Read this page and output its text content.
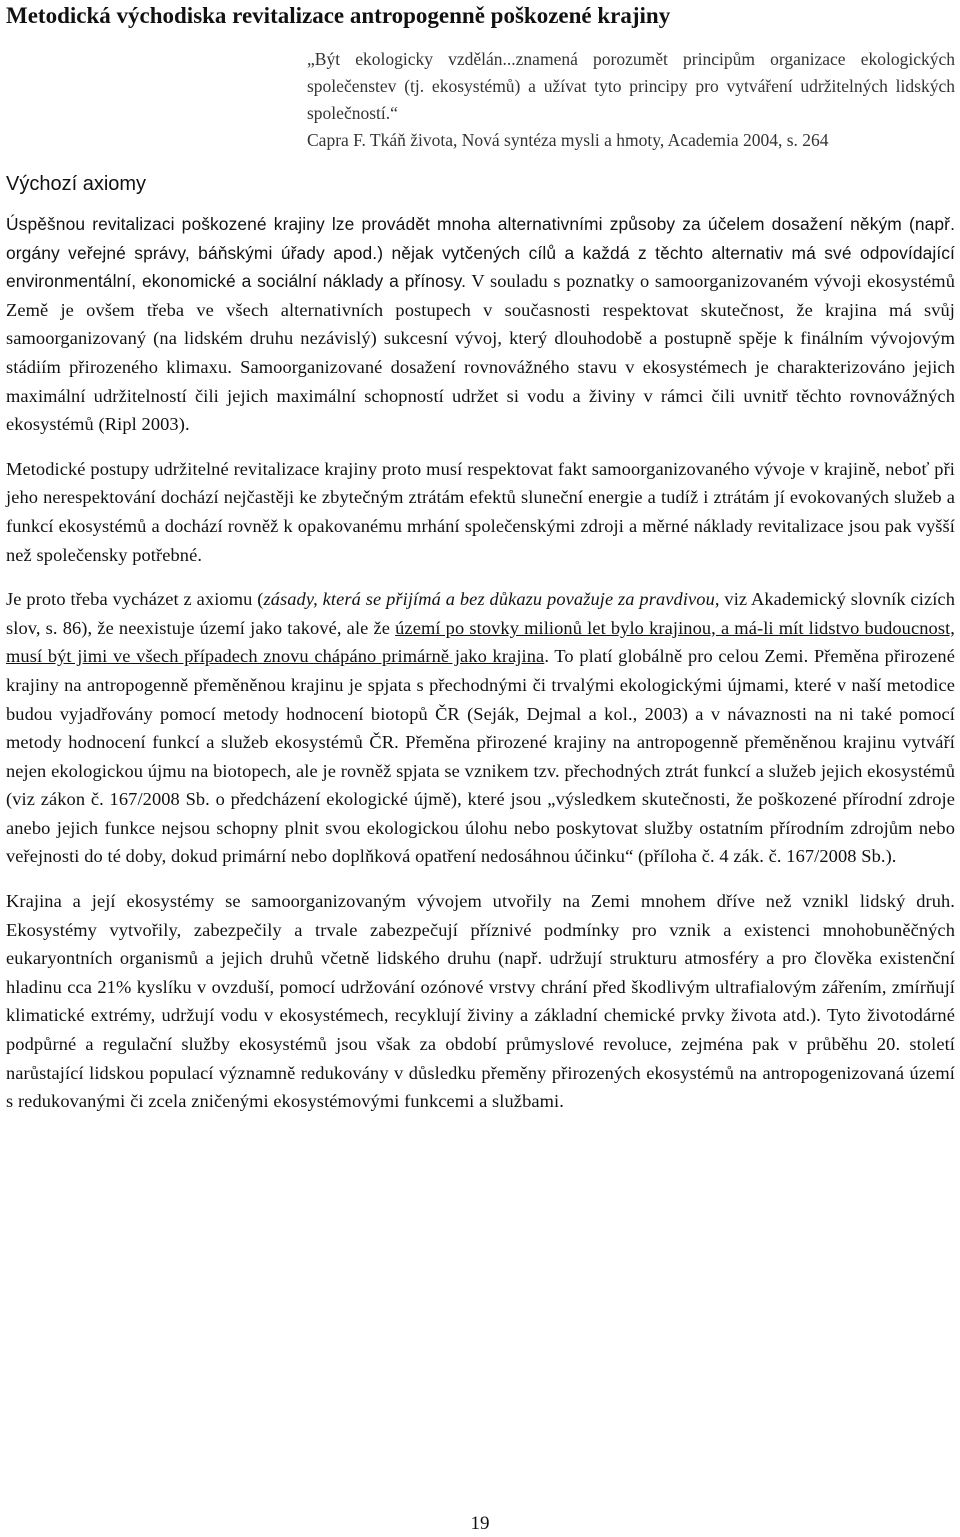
Metodická východiska revitalizace antropogenně poškozené krajiny
„Být ekologicky vzdělán...znamená porozumět principům organizace ekologických společenstev (tj. ekosystémů) a užívat tyto principy pro vytváření udržitelných lidských společností.“
Capra F. Tkáň života, Nová syntéza mysli a hmoty, Academia 2004, s. 264
Výchozí axiomy

Úspěšnou revitalizaci poškozené krajiny lze provádět mnoha alternativními způsoby za účelem dosažení někým (např. orgány veřejné správy, báňskými úřady apod.) nějak vytčených cílů a každá z těchto alternativ má své odpovídající environmentální, ekonomické a sociální náklady a přínosy. V souladu s poznatky o samoorganizovaném vývoji ekosystémů Země je ovšem třeba ve všech alternativních postupech v současnosti respektovat skutečnost, že krajina má svůj samoorganizovaný (na lidském druhu nezávislý) sukcesní vývoj, který dlouhodobě a postupně spěje k finálním vývojovým stádiím přirozeného klimaxu. Samoorganizované dosažení rovnovážného stavu v ekosystémech je charakterizováno jejich maximální udržitelností čili jejich maximální schopností udržet si vodu a živiny v rámci čili uvnitř těchto rovnovážných ekosystémů (Ripl 2003).

Metodické postupy udržitelné revitalizace krajiny proto musí respektovat fakt samoorganizovaného vývoje v krajině, neboť při jeho nerespektování dochází nejčastěji ke zbytečným ztrátám efektů sluneční energie a tudíž i ztrátám jí evokovaných služeb a funkcí ekosystémů a dochází rovněž k opakovanému mrhání společenskými zdroji a měrné náklady revitalizace jsou pak vyšší než společensky potřebné.

Je proto třeba vycházet z axiomu (zásady, která se přijímá a bez důkazu považuje za pravdivou, viz Akademický slovník cizích slov, s. 86), že neexistuje území jako takové, ale že území po stovky milionů let bylo krajinou, a má-li mít lidstvo budoucnost, musí být jimi ve všech případech znovu chápáno primárně jako krajina. To platí globálně pro celou Zemi. Přeměna přirozené krajiny na antropogenně přeměněnou krajinu je spjata s přechodnými či trvalými ekologickými újmami, které v naší metodice budou vyjadřovány pomocí metody hodnocení biotopů ČR (Seják, Dejmal a kol., 2003) a v návaznosti na ni také pomocí metody hodnocení funkcí a služeb ekosystémů ČR. Přeměna přirozené krajiny na antropogenně přeměněnou krajinu vytváří nejen ekologickou újmu na biotopech, ale je rovněž spjata se vznikem tzv. přechodných ztrát funkcí a služeb jejich ekosystémů (viz zákon č. 167/2008 Sb. o předcházení ekologické újmě), které jsou „výsledkem skutečnosti, že poškozené přírodní zdroje anebo jejich funkce nejsou schopny plnit svou ekologickou úlohu nebo poskytovat služby ostatním přírodním zdrojům nebo veřejnosti do té doby, dokud primární nebo doplňková opatření nedosáhnou účinku“ (příloha č. 4 zák. č. 167/2008 Sb.).

Krajina a její ekosystémy se samoorganizovaným vývojem utvořily na Zemi mnohem dříve než vznikl lidský druh. Ekosystémy vytvořily, zabezpečily a trvale zabezpečují příznivé podmínky pro vznik a existenci mnohobuněčných eukaryontních organismů a jejich druhů včetně lidského druhu (např. udržují strukturu atmosféry a pro člověka existenční hladinu cca 21% kyslíku v ovzduší, pomocí udržování ozónové vrstvy chrání před škodlivým ultrafialovým zářením, zmírňují klimatické extrémy, udržují vodu v ekosystémech, recyklují živiny a základní chemické prvky života atd.). Tyto životodárné podpůrné a regulační služby ekosystémů jsou však za období průmyslové revoluce, zejména pak v průběhu 20. století narůstající lidskou populací významně redukovány v důsledku přeměny přirozených ekosystémů na antropogenizovaná území s redukovanými či zcela zničenými ekosystémovými funkcemi a službami.

19
